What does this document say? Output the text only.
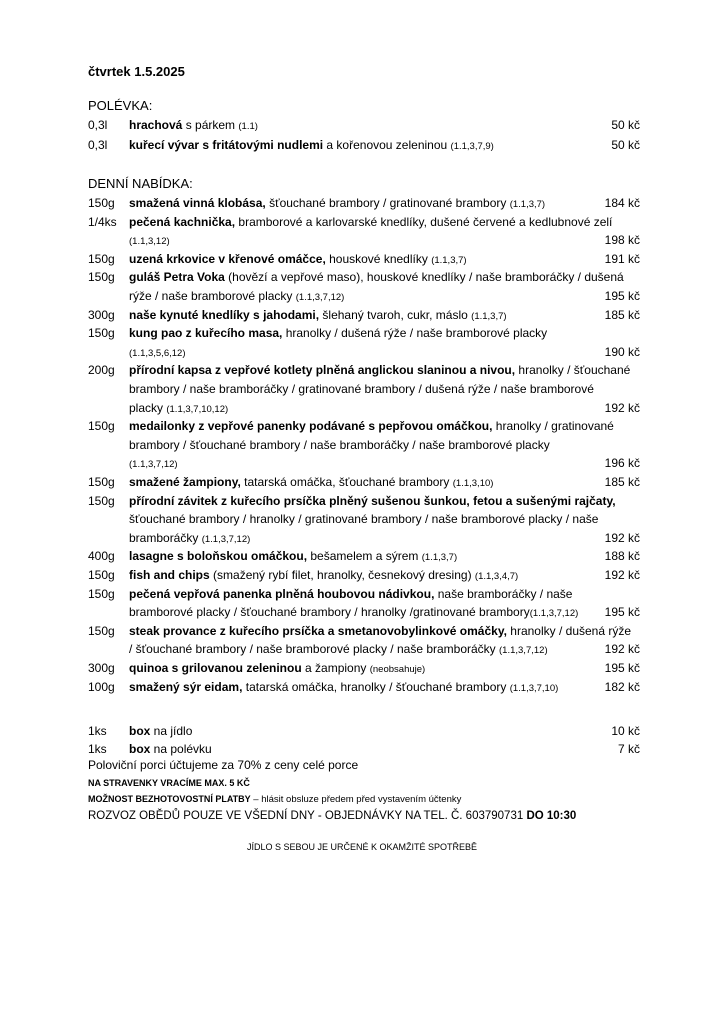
čtvrtek 1.5.2025
POLÉVKA:
0,3l hrachová s párkem (1.1)	50 kč
0,3l kuřecí vývar s fritátovými nudlemi a kořenovou zeleninou (1.1,3,7,9)	50 kč
DENNÍ NABÍDKA:
150g smažená vinná klobása, šťouchané brambory / gratinované brambory (1.1,3,7)	184 kč
1/4ks pečená kachnička, bramborové a karlovarské knedlíky, dušené červené a kedlubnové zelí
(1.1,3,12)	198 kč
150g uzená krkovice v křenové omáčce, houskové knedlíky (1.1,3,7)	191 kč
150g guláš Petra Voka (hovězí a vepřové maso), houskové knedlíky / naše bramboráčky / dušená
rýže / naše bramborové placky (1.1,3,7,12)	195 kč
300g naše kynuté knedlíky s jahodami, šlehaný tvaroh, cukr, máslo (1.1,3,7)	185 kč
150g kung pao z kuřecího masa, hranolky / dušená rýže / naše bramborové placky
(1.1,3,5,6,12)	190 kč
200g přírodní kapsa z vepřové kotlety plněná anglickou slaninou a nivou, hranolky / šťouchané
brambory / naše bramboráčky / gratinované brambory / dušená rýže / naše bramborové
placky (1.1,3,7,10,12)	192 kč
150g medailonky z vepřové panenky podávané s pepřovou omáčkou, hranolky / gratinované
brambory / šťouchané brambory / naše bramboráčky / naše bramborové placky
(1.1,3,7,12)	196 kč
150g smažené žampiony, tatarská omáčka, šťouchané brambory (1.1,3,10)	185 kč
150g přírodní závitek z kuřecího prsíčka plněný sušenou šunkou, fetou a sušenými rajčaty,
šťouchané brambory / hranolky / gratinované brambory / naše bramborové placky / naše
bramboráčky (1.1,3,7,12)	192 kč
400g lasagne s boloňskou omáčkou, bešamelem a sýrem (1.1,3,7)	188 kč
150g fish and chips (smažený rybí filet, hranolky, česnekový dresing) (1.1,3,4,7)	192 kč
150g pečená vepřová panenka plněná houbovou nádivkou, naše bramboráčky / naše
bramborové placky / šťouchané brambory / hranolky /gratinované brambory(1.1,3,7,12) 195 kč
150g steak provance z kuřecího prsíčka a smetanovobylinkové omáčky, hranolky / dušená rýže
/ šťouchané brambory / naše bramborové placky / naše bramboráčky (1.1,3,7,12)	192 kč
300g quinoa s grilovanou zeleninou a žampiony (neobsahuje)	195 kč
100g smažený sýr eidam, tatarská omáčka, hranolky / šťouchané brambory (1.1,3,7,10)	182 kč
1ks box na jídlo	10 kč
1ks box na polévku	7 kč
Poloviční porci účtujeme za 70% z ceny celé porce
NA STRAVENKY VRACÍME MAX. 5 KČ
MOŽNOST BEZHOTOVOSTNÍ PLATBY – hlásit obsluze předem před vystavením účtenky
ROZVOZ OBĚDŮ POUZE VE VŠEDNÍ DNY - OBJEDNÁVKY NA TEL. Č. 603790731 DO 10:30
JÍDLO S SEBOU JE URČENÉ K OKAMŽITÉ SPOTŘEBĚ
